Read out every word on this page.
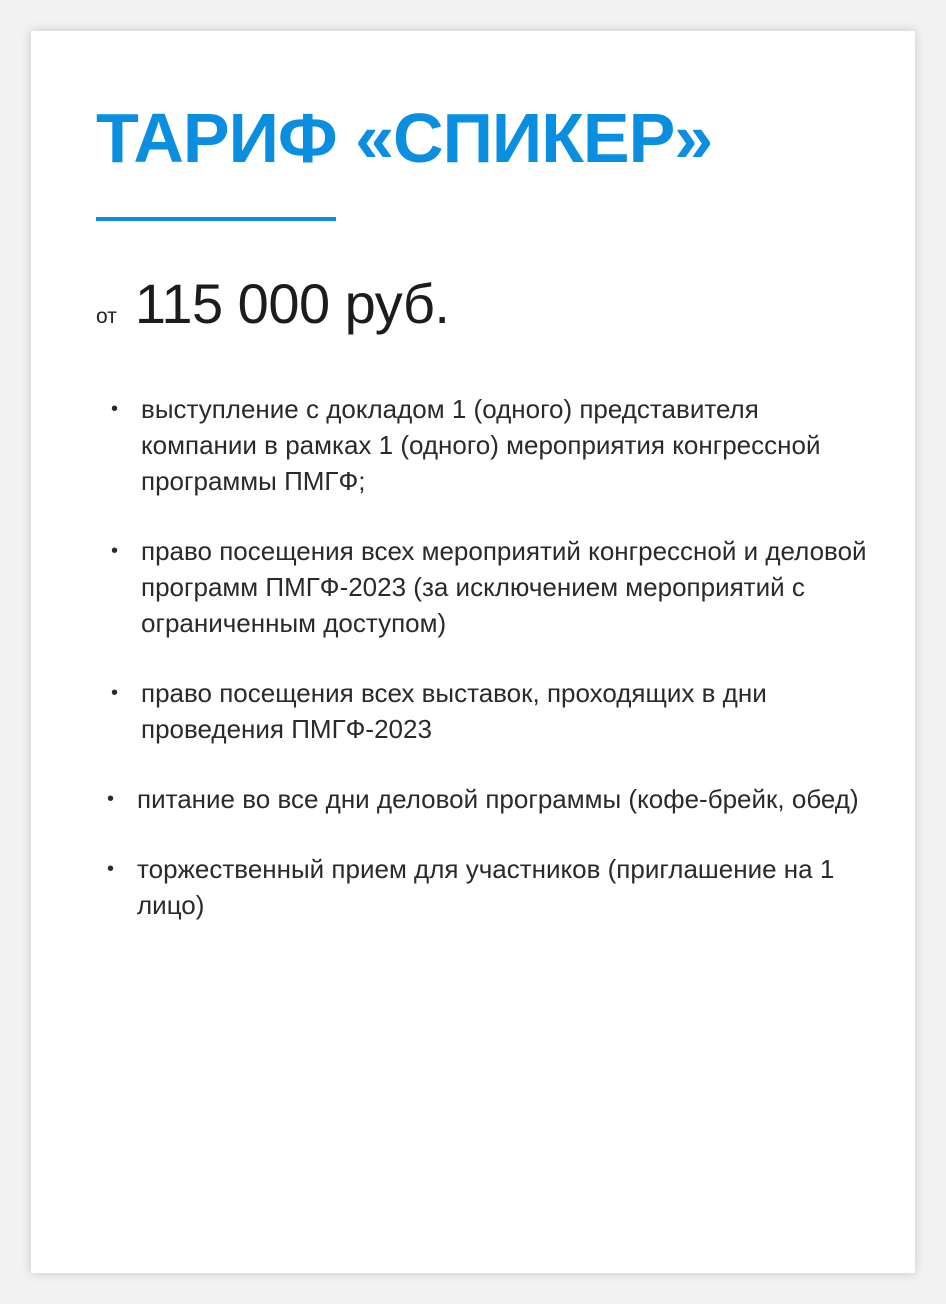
ТАРИФ «СПИКЕР»
от 115 000 руб.
• выступление с докладом 1 (одного) представителя компании в рамках 1 (одного) мероприятия конгрессной программы ПМГФ;
• право посещения всех мероприятий конгрессной и деловой программ ПМГФ-2023 (за исключением мероприятий с ограниченным доступом)
• право посещения всех выставок, проходящих в дни проведения ПМГФ-2023
• питание во все дни деловой программы (кофе-брейк, обед)
• торжественный прием для участников (приглашение на 1 лицо)
